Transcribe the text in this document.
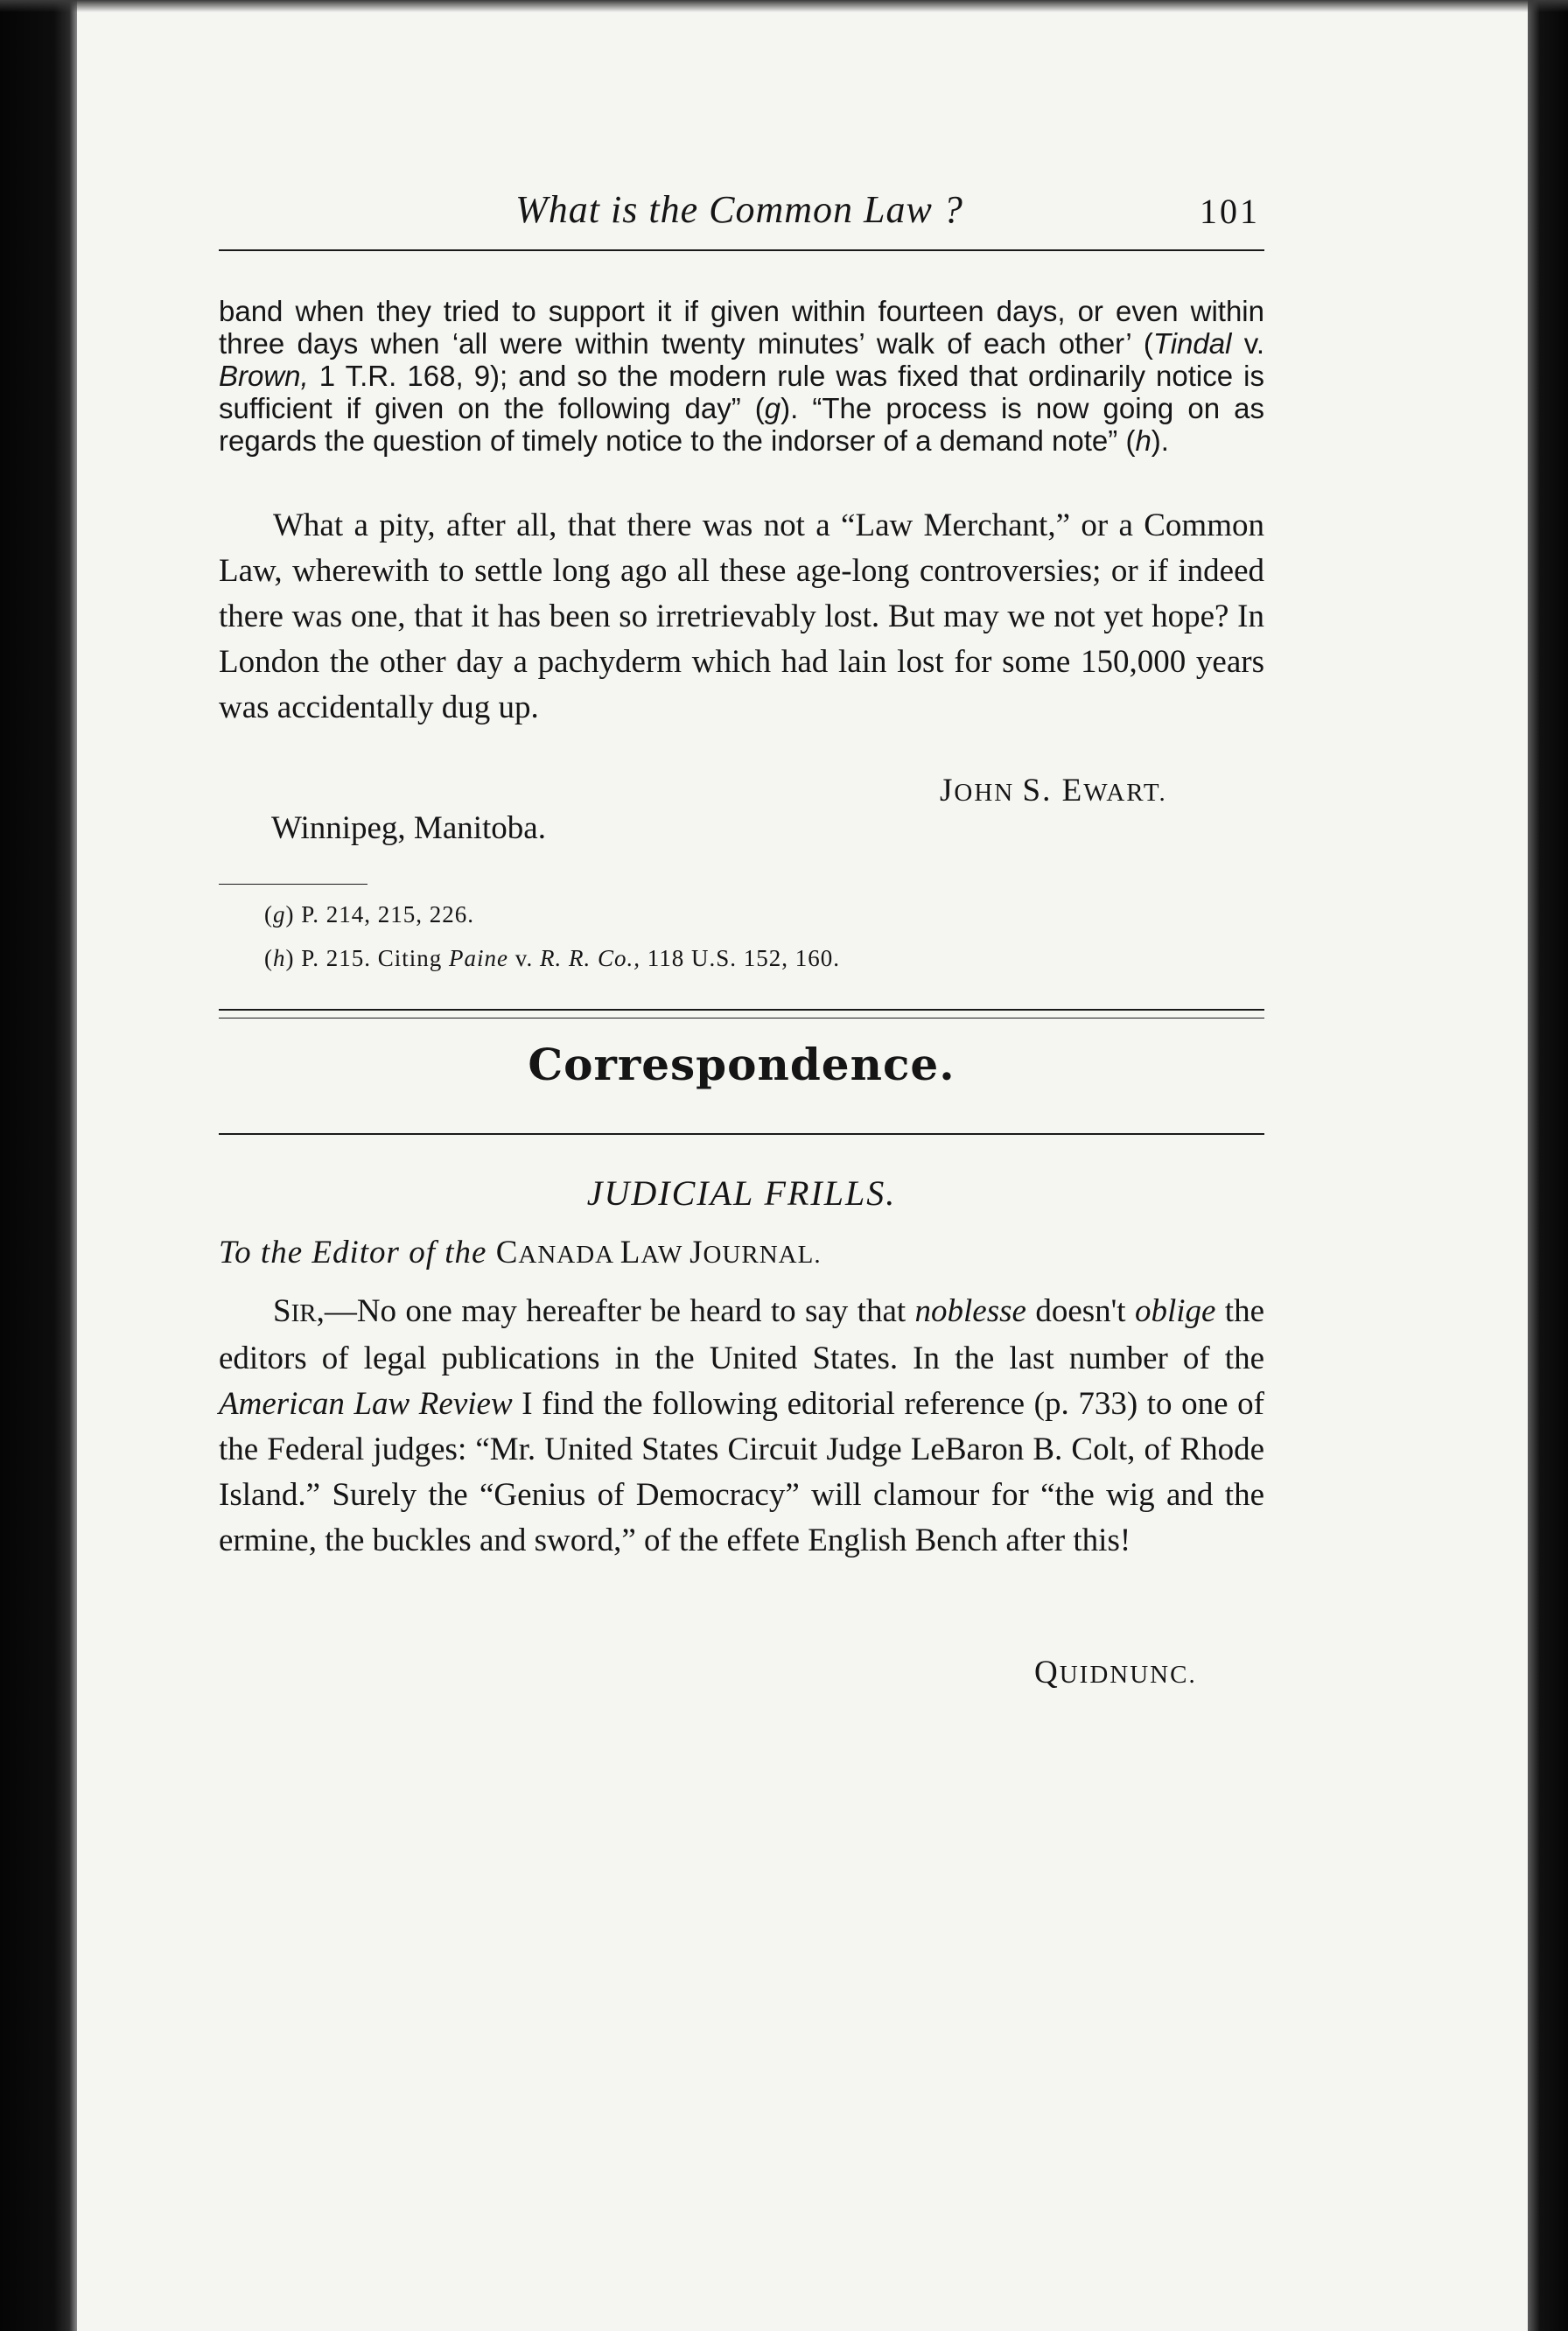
What is the Common Law ?	101

band when they tried to support it if given within fourteen days, or even within three days when ‘all were within twenty minutes’ walk of each other’ (Tindal v. Brown, 1 T.R. 168, 9); and so the modern rule was fixed that ordinarily notice is sufficient if given on the following day” (g). “The process is now going on as regards the question of timely notice to the indorser of a demand note” (h).

What a pity, after all, that there was not a “Law Merchant,” or a Common Law, wherewith to settle long ago all these age-long controversies; or if indeed there was one, that it has been so irretrievably lost. But may we not yet hope? In London the other day a pachyderm which had lain lost for some 150,000 years was accidentally dug up.

JOHN S. EWART.
Winnipeg, Manitoba.
(g) P. 214, 215, 226.
(h) P. 215. Citing Paine v. R. R. Co., 118 U.S. 152, 160.
Correspondence.
JUDICIAL FRILLS.
To the Editor of the CANADA LAW JOURNAL.

SIR,—No one may hereafter be heard to say that noblesse doesn't oblige the editors of legal publications in the United States. In the last number of the American Law Review I find the following editorial reference (p. 733) to one of the Federal judges: “Mr. United States Circuit Judge LeBaron B. Colt, of Rhode Island.” Surely the “Genius of Democracy” will clamour for “the wig and the ermine, the buckles and sword,” of the effete English Bench after this!

QUIDNUNC.
